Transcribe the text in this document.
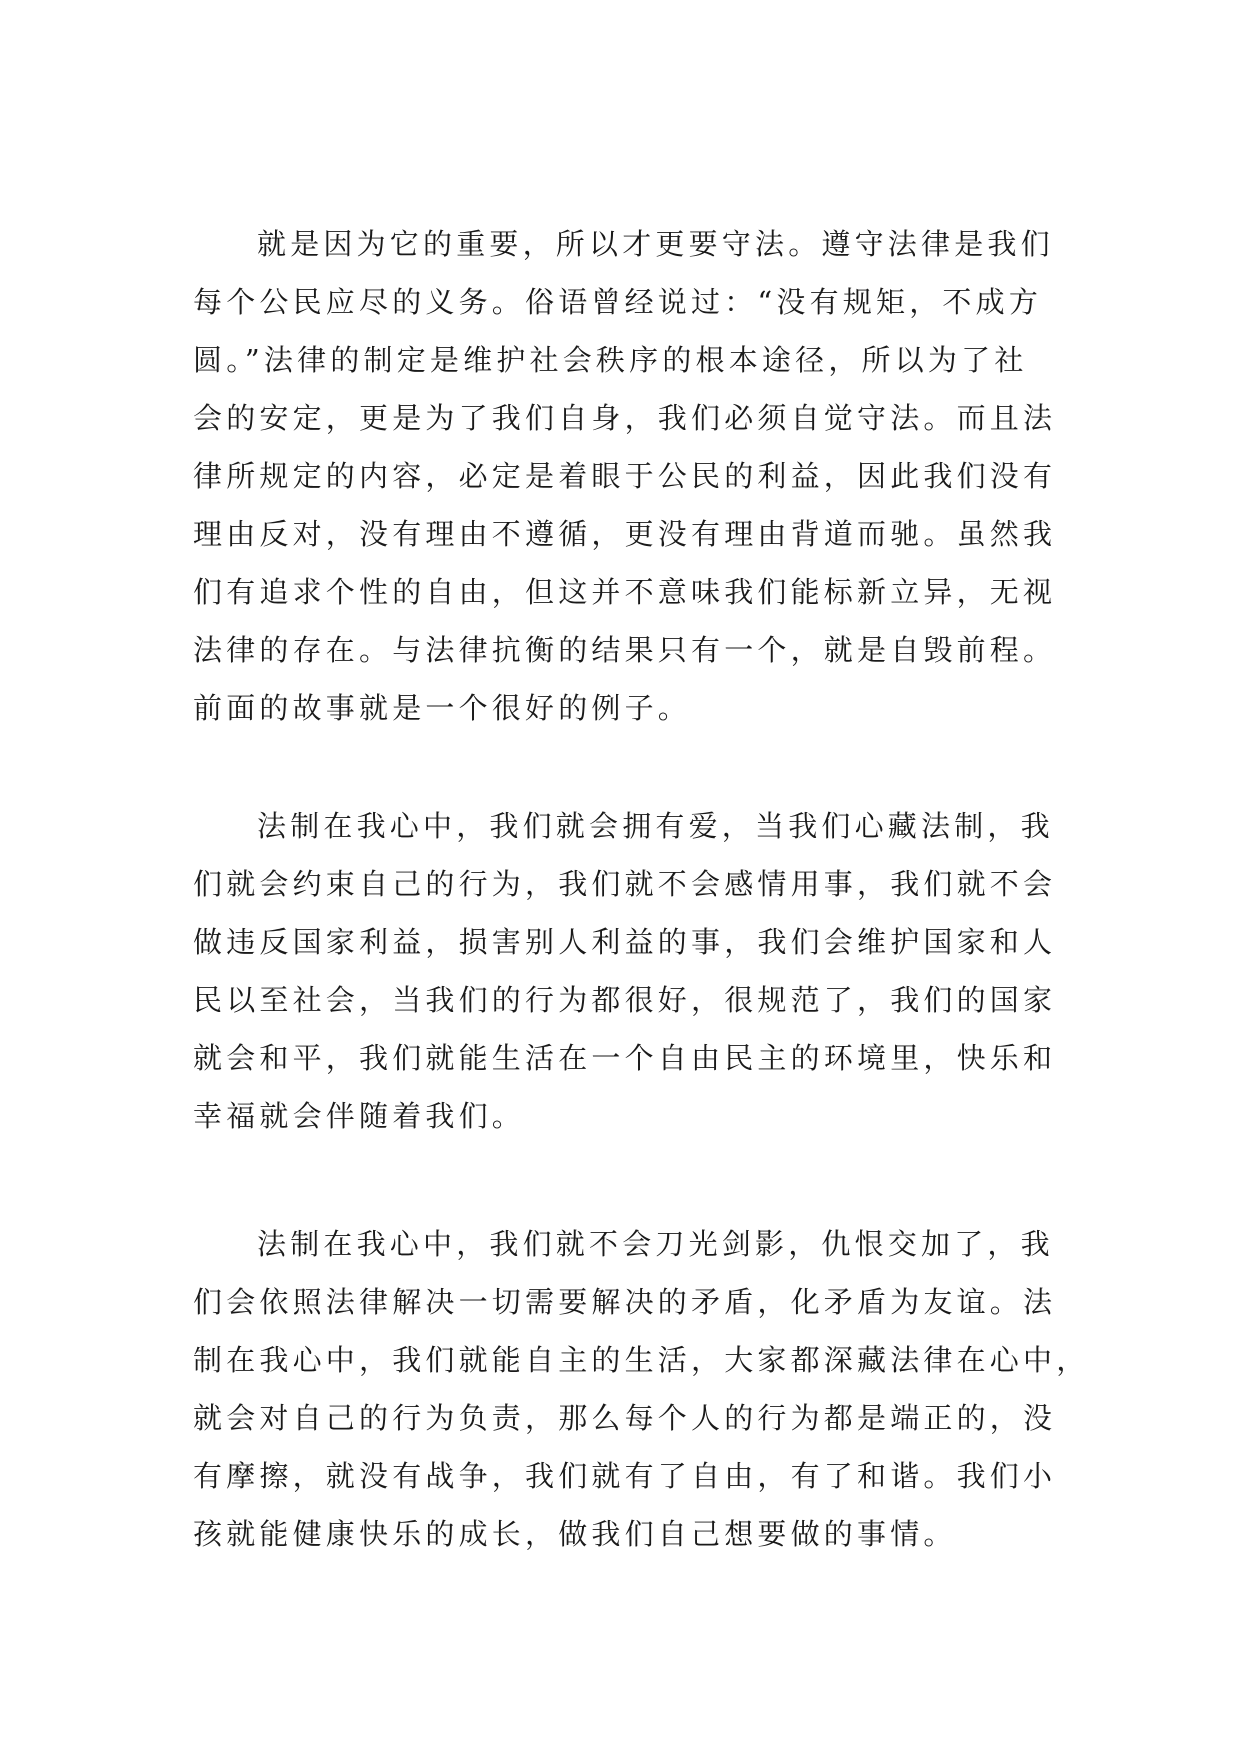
就是因为它的重要，所以才更要守法。遵守法律是我们
每个公民应尽的义务。俗语曾经说过：“没有规矩，不成方
圆。”法律的制定是维护社会秩序的根本途径，所以为了社
会的安定，更是为了我们自身，我们必须自觉守法。而且法
律所规定的内容，必定是着眼于公民的利益，因此我们没有
理由反对，没有理由不遵循，更没有理由背道而驰。虽然我
们有追求个性的自由，但这并不意味我们能标新立异，无视
法律的存在。与法律抗衡的结果只有一个，就是自毁前程。
前面的故事就是一个很好的例子。
法制在我心中，我们就会拥有爱，当我们心藏法制，我
们就会约束自己的行为，我们就不会感情用事，我们就不会
做违反国家利益，损害别人利益的事，我们会维护国家和人
民以至社会，当我们的行为都很好，很规范了，我们的国家
就会和平，我们就能生活在一个自由民主的环境里，快乐和
幸福就会伴随着我们。
法制在我心中，我们就不会刀光剑影，仇恨交加了，我
们会依照法律解决一切需要解决的矛盾，化矛盾为友谊。法
制在我心中，我们就能自主的生活，大家都深藏法律在心中，
就会对自己的行为负责，那么每个人的行为都是端正的，没
有摩擦，就没有战争，我们就有了自由，有了和谐。我们小
孩就能健康快乐的成长，做我们自己想要做的事情。
